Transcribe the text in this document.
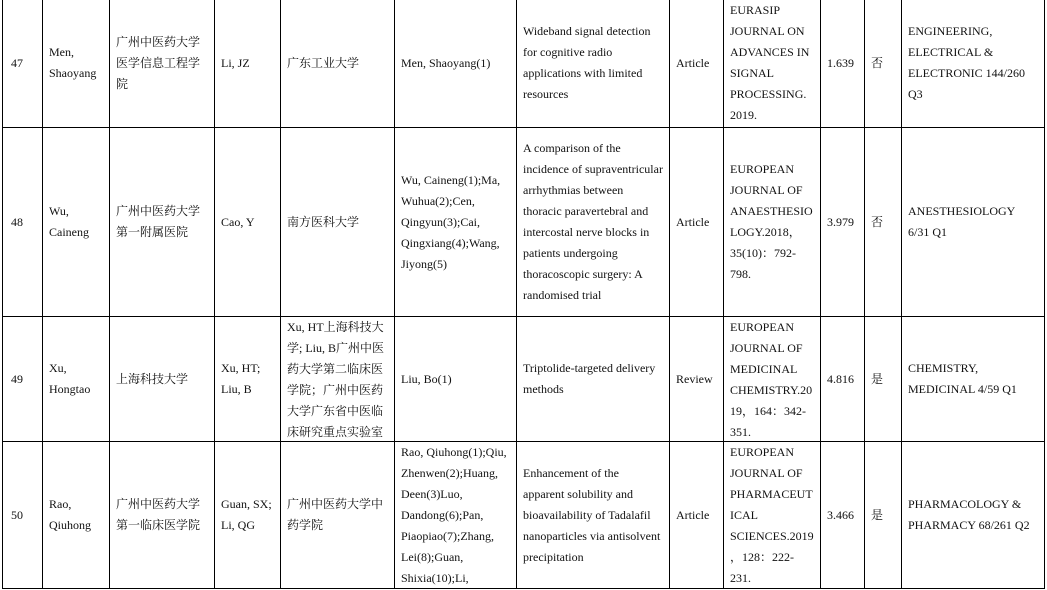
47	Men, Shaoyang	广州中医药大学医学信息工程学院	Li, JZ	广东工业大学	Men, Shaoyang(1)	Wideband signal detection for cognitive radio applications with limited resources	Article	EURASIP JOURNAL ON ADVANCES IN SIGNAL PROCESSING. 2019.	1.639	否	ENGINEERING, ELECTRICAL & ELECTRONIC 144/260 Q3

48	Wu, Caineng	广州中医药大学第一附属医院	Cao, Y	南方医科大学	Wu, Caineng(1);Ma, Wuhua(2);Cen, Qingyun(3);Cai, Qingxiang(4);Wang, Jiyong(5)	A comparison of the incidence of supraventricular arrhythmias between thoracic paravertebral and intercostal nerve blocks in patients undergoing thoracoscopic surgery: A randomised trial	Article	EUROPEAN JOURNAL OF ANAESTHESIOLOGY.2018，35(10)：792-798.	3.979	否	ANESTHESIOLOGY 6/31 Q1

49	Xu, Hongtao	上海科技大学	Xu, HT; Liu, B	Xu, HT上海科技大学; Liu, B广州中医药大学第二临床医学院；广州中医药大学广东省中医临床研究重点实验室	Liu, Bo(1)	Triptolide-targeted delivery methods	Review	EUROPEAN JOURNAL OF MEDICINAL CHEMISTRY.2019，164：342-351.	4.816	是	CHEMISTRY, MEDICINAL 4/59 Q1

50	Rao, Qiuhong	广州中医药大学第一临床医学院	Guan, SX; Li, QG	广州中医药大学中药学院	Rao, Qiuhong(1);Qiu, Zhenwen(2);Huang, Deen(3)Luo, Dandong(6);Pan, Piaopiao(7);Zhang, Lei(8);Guan, Shixia(10);Li,	Enhancement of the apparent solubility and bioavailability of Tadalafil nanoparticles via antisolvent precipitation	Article	EUROPEAN JOURNAL OF PHARMACEUTICAL SCIENCES.2019，128：222-231.	3.466	是	PHARMACOLOGY & PHARMACY 68/261 Q2
